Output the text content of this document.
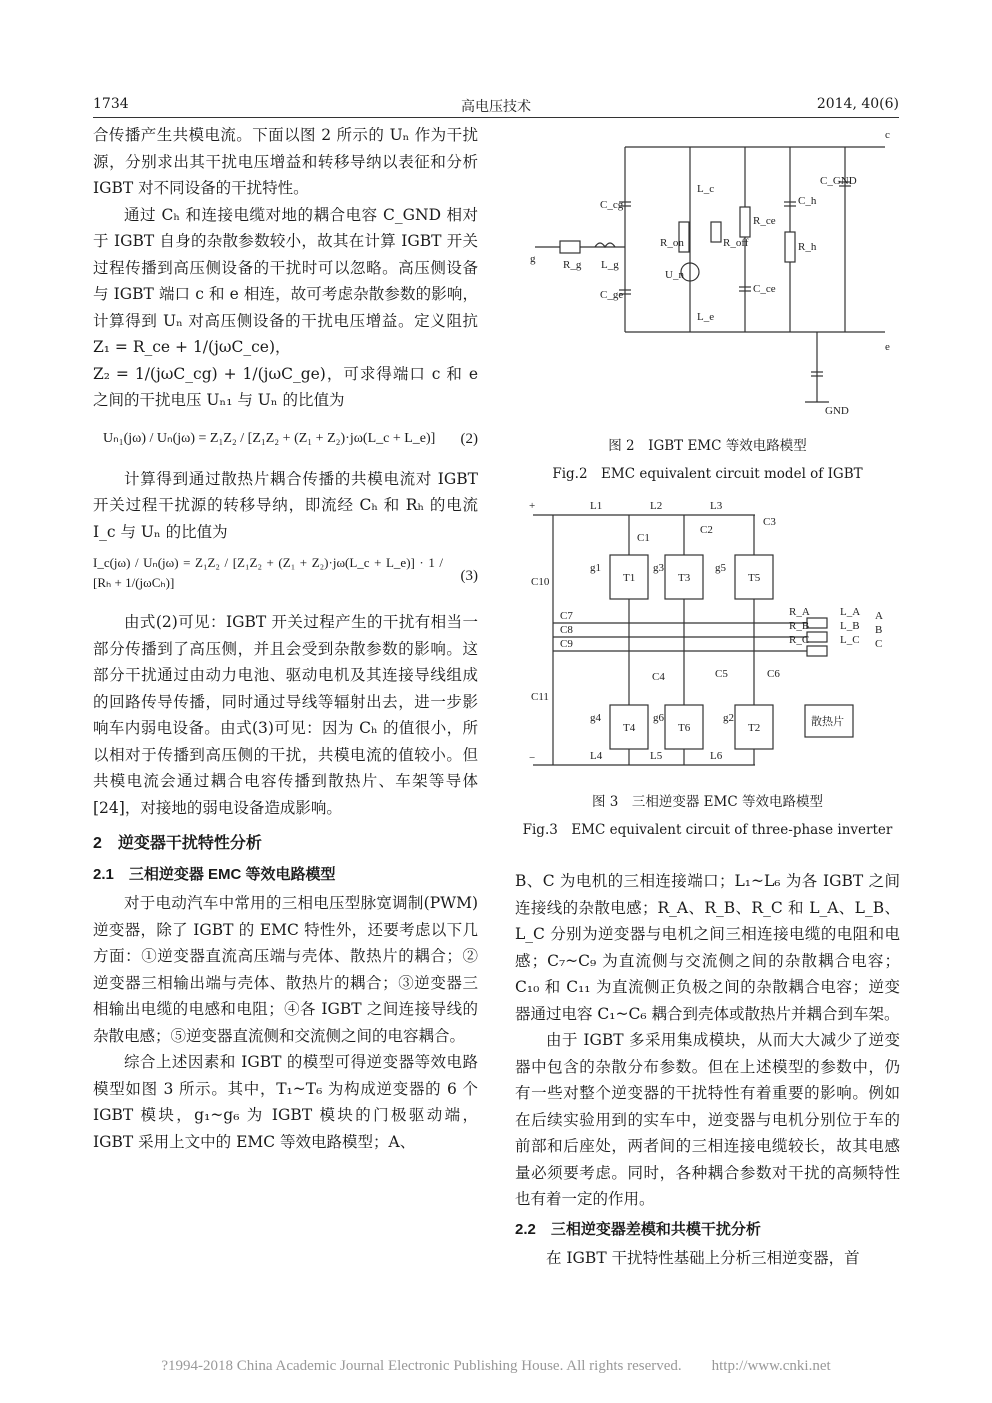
1734	高电压技术	2014, 40(6)

合传播产生共模电流。下面以图 2 所示的 Uₙ 作为干扰源，分别求出其干扰电压增益和转移导纳以表征和分析 IGBT 对不同设备的干扰特性。

通过 Cₕ 和连接电缆对地的耦合电容 C_GND 相对于 IGBT 自身的杂散参数较小，故其在计算 IGBT 开关过程传播到高压侧设备的干扰时可以忽略。高压侧设备与 IGBT 端口 c 和 e 相连，故可考虑杂散参数的影响，计算得到 Uₙ 对高压侧设备的干扰电压增益。定义阻抗 Z₁ = R_ce + 1/(jωC_ce)，

Z₂ = 1/(jωC_cg) + 1/(jωC_ge)，可求得端口 c 和 e 之间的干扰电压 Uₙ₁ 与 Uₙ 的比值为

Uₙ₁(jω) / Uₙ(jω) = Z₁Z₂ / [Z₁Z₂ + (Z₁ + Z₂)·jω(L_c + L_e)] (2)

计算得到通过散热片耦合传播的共模电流对 IGBT 开关过程干扰源的转移导纳，即流经 Cₕ 和 Rₕ 的电流 I_c 与 Uₙ 的比值为

I_c(jω) / Uₙ(jω) = Z₁Z₂ / [Z₁Z₂ + (Z₁ + Z₂)·jω(L_c + L_e)] · 1 / [Rₕ + 1/(jωCₕ)]	(3)

由式(2)可见：IGBT 开关过程产生的干扰有相当一部分传播到了高压侧，并且会受到杂散参数的影响。这部分干扰通过由动力电池、驱动电机及其连接导线组成的回路传导传播，同时通过导线等辐射出去，进一步影响车内弱电设备。由式(3)可见：因为 Cₕ 的值很小，所以相对于传播到高压侧的干扰，共模电流的值较小。但共模电流会通过耦合电容传播到散热片、车架等导体[24]，对接地的弱电设备造成影响。

2　逆变器干扰特性分析
2.1　三相逆变器 EMC 等效电路模型

对于电动汽车中常用的三相电压型脉宽调制(PWM)逆变器，除了 IGBT 的 EMC 特性外，还要考虑以下几方面：①逆变器直流高压端与壳体、散热片的耦合；②逆变器三相输出端与壳体、散热片的耦合；③逆变器三相输出电缆的电感和电阻；④各 IGBT 之间连接导线的杂散电感；⑤逆变器直流侧和交流侧之间的电容耦合。

综合上述因素和 IGBT 的模型可得逆变器等效电路模型如图 3 所示。其中，T₁~T₆ 为构成逆变器的 6 个 IGBT 模块，g₁~g₆ 为 IGBT 模块的门极驱动端，IGBT 采用上文中的 EMC 等效电路模型；A、

c
e
g
GND
C_GND
C_cg
C_ge
L_c
L_e
R_on	R_off
R_ce
C_ce
C_h
R_h
R_g L_g
U_n
图 2　IGBT EMC 等效电路模型
Fig.2　EMC equivalent circuit model of IGBT
+
−
L1	L2	L3
L4	L5	L6
C1
C2
C3
C4	C5	C6
C7
C8
C9
C10
C11
g1
g2
g3
g4
g5
g6
T1
T2
T3
T4
T5
T6
R_A
R_B
R_C
L_A
L_B
L_C
A
B
C
散热片
图 3　三相逆变器 EMC 等效电路模型
Fig.3　EMC equivalent circuit of three-phase inverter

B、C 为电机的三相连接端口；L₁~L₆ 为各 IGBT 之间连接线的杂散电感；R_A、R_B、R_C 和 L_A、L_B、L_C 分别为逆变器与电机之间三相连接电缆的电阻和电感；C₇~C₉ 为直流侧与交流侧之间的杂散耦合电容；C₁₀ 和 C₁₁ 为直流侧正负极之间的杂散耦合电容；逆变器通过电容 C₁~C₆ 耦合到壳体或散热片并耦合到车架。

由于 IGBT 多采用集成模块，从而大大减少了逆变器中包含的杂散分布参数。但在上述模型的参数中，仍有一些对整个逆变器的干扰特性有着重要的影响。例如在后续实验用到的实车中，逆变器与电机分别位于车的前部和后座处，两者间的三相连接电缆较长，故其电感量必须要考虑。同时，各种耦合参数对干扰的高频特性也有着一定的作用。

2.2　三相逆变器差模和共模干扰分析

在 IGBT 干扰特性基础上分析三相逆变器，首

?1994-2018 China Academic Journal Electronic Publishing House. All rights reserved.　　http://www.cnki.net
